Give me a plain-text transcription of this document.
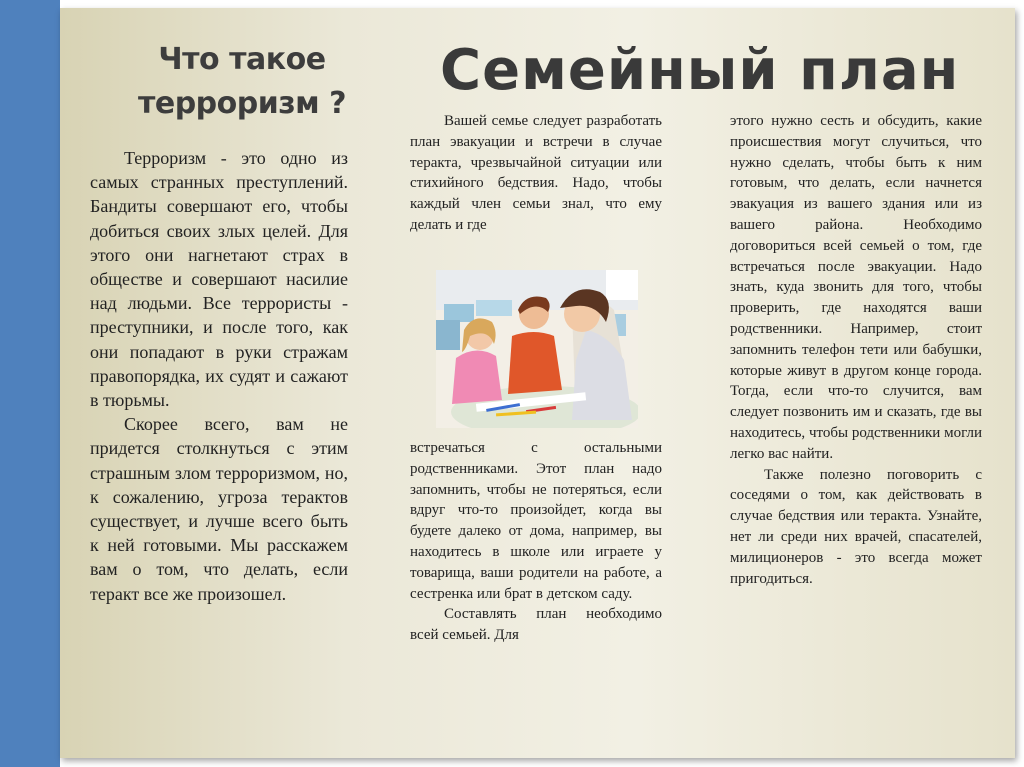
Что такое
терроризм ?
Семейный план

Терроризм - это одно из самых странных преступлений. Бандиты совершают его, чтобы добиться своих злых целей. Для этого они нагнетают страх в обществе и совершают насилие над людьми. Все террористы - преступники, и после того, как они попадают в руки стражам правопорядка, их судят и сажают в тюрьмы.

Скорее всего, вам не придется столкнуться с этим страшным злом терроризмом, но, к сожалению, угроза терактов существует, и лучше всего быть к ней готовыми. Мы расскажем вам о том, что делать, если теракт все же произошел.

Вашей семье следует разработать план эвакуации и встречи в случае теракта, чрезвычайной ситуации или стихийного бедствия. Надо, чтобы каждый член семьи знал, что ему делать и где

встречаться с остальными родственниками. Этот план надо запомнить, чтобы не потеряться, если вдруг что-то произойдет, когда вы будете далеко от дома, например, вы находитесь в школе или играете у товарища, ваши родители на работе, а сестренка или брат в детском саду.

Составлять план необходимо всей семьей. Для

этого нужно сесть и обсудить, какие происшествия могут случиться, что нужно сделать, чтобы быть к ним готовым, что делать, если начнется эвакуация из вашего здания или из вашего района. Необходимо договориться всей семьей о том, где встречаться после эвакуации. Надо знать, куда звонить для того, чтобы проверить, где находятся ваши родственники. Например, стоит запомнить телефон тети или бабушки, которые живут в другом конце города. Тогда, если что-то случится, вам следует позвонить им и сказать, где вы находитесь, чтобы родственники могли легко вас найти.

Также полезно поговорить с соседями о том, как действовать в случае бедствия или теракта. Узнайте, нет ли среди них врачей, спасателей, милиционеров - это всегда может пригодиться.
